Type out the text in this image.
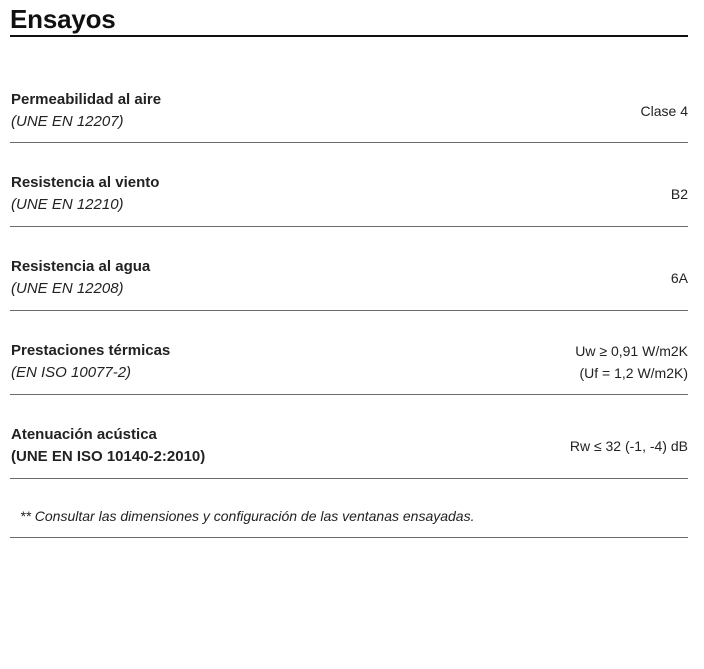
Ensayos
Permeabilidad al aire
(UNE EN 12207)
Clase 4
Resistencia al viento
(UNE EN 12210)
B2
Resistencia al agua
(UNE EN 12208)
6A
Prestaciones térmicas
(EN ISO 10077-2)
Uw ≥ 0,91 W/m2K
(Uf = 1,2 W/m2K)
Atenuación acústica
(UNE EN ISO 10140-2:2010)
Rw ≤ 32 (-1, -4) dB
** Consultar las dimensiones y configuración de las ventanas ensayadas.
